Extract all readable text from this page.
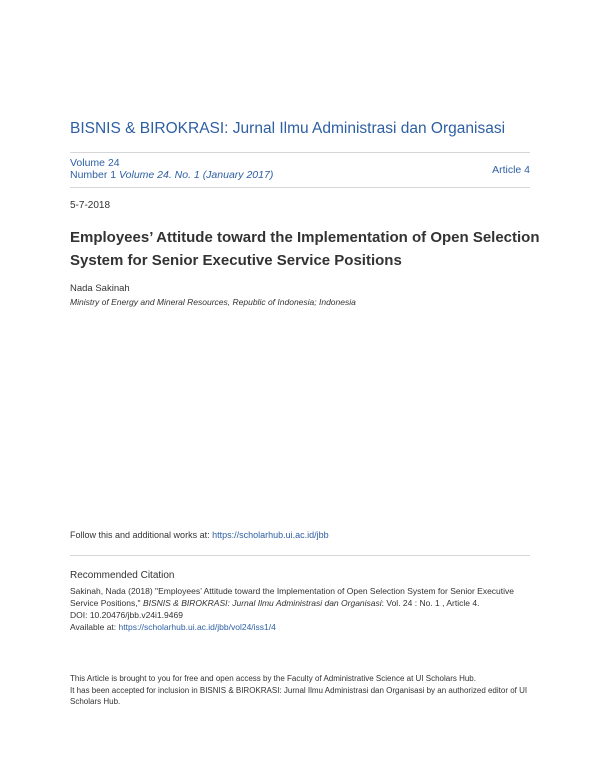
BISNIS & BIROKRASI: Jurnal Ilmu Administrasi dan Organisasi
Volume 24
Number 1 Volume 24. No. 1 (January 2017)	Article 4
5-7-2018
Employees’ Attitude toward the Implementation of Open Selection System for Senior Executive Service Positions
Nada Sakinah
Ministry of Energy and Mineral Resources, Republic of Indonesia; Indonesia
Follow this and additional works at: https://scholarhub.ui.ac.id/jbb
Recommended Citation
Sakinah, Nada (2018) "Employees’ Attitude toward the Implementation of Open Selection System for Senior Executive Service Positions," BISNIS & BIROKRASI: Jurnal Ilmu Administrasi dan Organisasi: Vol. 24 : No. 1 , Article 4.
DOI: 10.20476/jbb.v24i1.9469
Available at: https://scholarhub.ui.ac.id/jbb/vol24/iss1/4
This Article is brought to you for free and open access by the Faculty of Administrative Science at UI Scholars Hub.
It has been accepted for inclusion in BISNIS & BIROKRASI: Jurnal Ilmu Administrasi dan Organisasi by an authorized editor of UI Scholars Hub.
